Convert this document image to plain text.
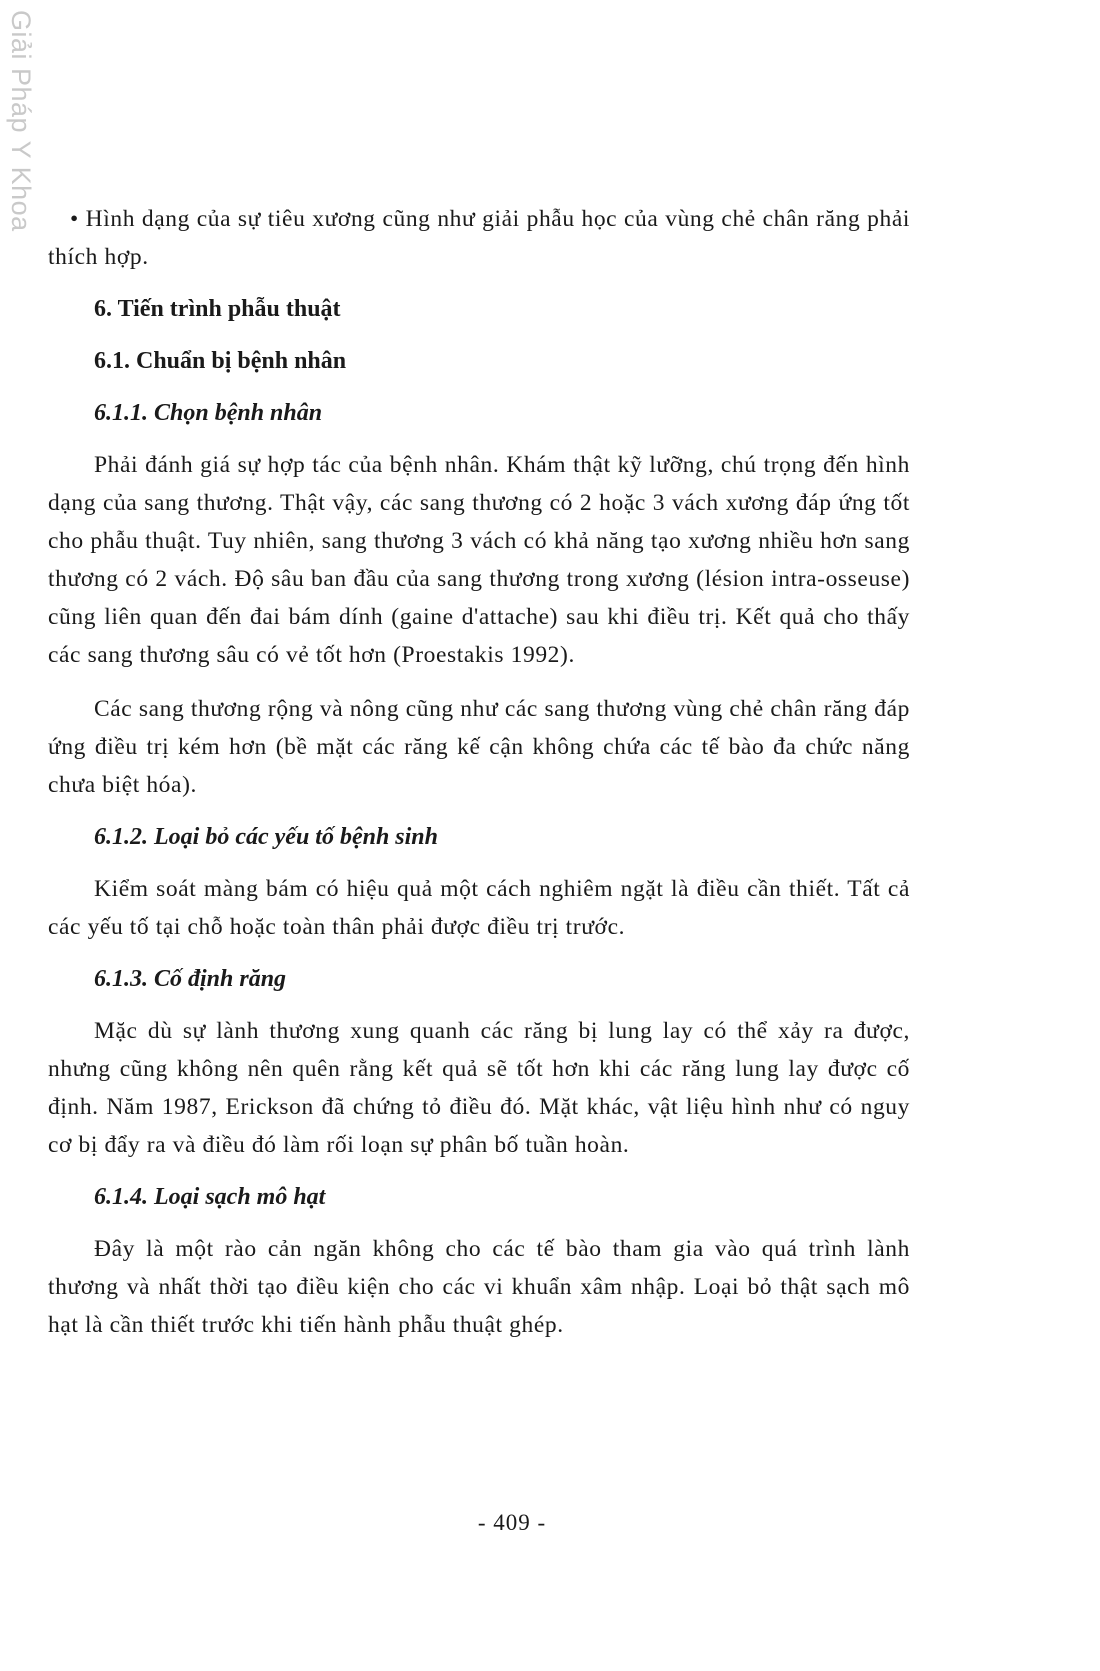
Giải Pháp Y Khoa	• Hình dạng của sự tiêu xương cũng như giải phẫu học của vùng chẻ chân răng phải thích hợp.

6. Tiến trình phẫu thuật
6.1. Chuẩn bị bệnh nhân
6.1.1. Chọn bệnh nhân

Phải đánh giá sự hợp tác của bệnh nhân. Khám thật kỹ lưỡng, chú trọng đến hình dạng của sang thương. Thật vậy, các sang thương có 2 hoặc 3 vách xương đáp ứng tốt cho phẫu thuật. Tuy nhiên, sang thương 3 vách có khả năng tạo xương nhiều hơn sang thương có 2 vách. Độ sâu ban đầu của sang thương trong xương (lésion intra-osseuse) cũng liên quan đến đai bám dính (gaine d'attache) sau khi điều trị. Kết quả cho thấy các sang thương sâu có vẻ tốt hơn (Proestakis 1992).

Các sang thương rộng và nông cũng như các sang thương vùng chẻ chân răng đáp ứng điều trị kém hơn (bề mặt các răng kế cận không chứa các tế bào đa chức năng chưa biệt hóa).

6.1.2. Loại bỏ các yếu tố bệnh sinh

Kiểm soát màng bám có hiệu quả một cách nghiêm ngặt là điều cần thiết. Tất cả các yếu tố tại chỗ hoặc toàn thân phải được điều trị trước.

6.1.3. Cố định răng

Mặc dù sự lành thương xung quanh các răng bị lung lay có thể xảy ra được, nhưng cũng không nên quên rằng kết quả sẽ tốt hơn khi các răng lung lay được cố định. Năm 1987, Erickson đã chứng tỏ điều đó. Mặt khác, vật liệu hình như có nguy cơ bị đẩy ra và điều đó làm rối loạn sự phân bố tuần hoàn.

6.1.4. Loại sạch mô hạt

Đây là một rào cản ngăn không cho các tế bào tham gia vào quá trình lành thương và nhất thời tạo điều kiện cho các vi khuẩn xâm nhập. Loại bỏ thật sạch mô hạt là cần thiết trước khi tiến hành phẫu thuật ghép.

- 409 -
